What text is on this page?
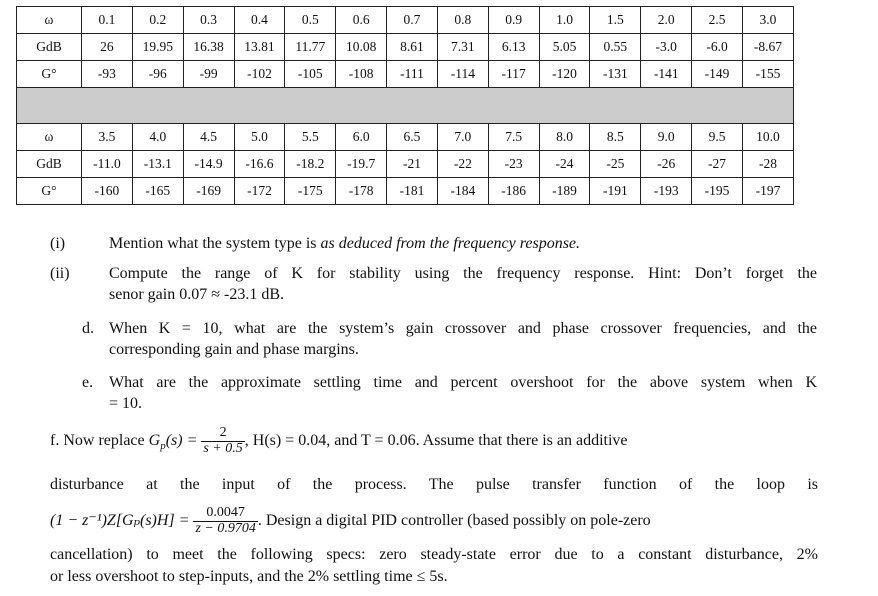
ω	0.1	0.2	0.3	0.4	0.5	0.6	0.7	0.8	0.9	1.0	1.5	2.0	2.5	3.0
GdB	26	19.95	16.38	13.81	11.77	10.08	8.61	7.31	6.13	5.05	0.55	-3.0	-6.0	-8.67
G°	-93	-96	-99	-102	-105	-108	-111	-114	-117	-120	-131	-141	-149	-155
ω	3.5	4.0	4.5	5.0	5.5	6.0	6.5	7.0	7.5	8.0	8.5	9.0	9.5	10.0
GdB	-11.0	-13.1	-14.9	-16.6	-18.2	-19.7	-21	-22	-23	-24	-25	-26	-27	-28
G°	-160	-165	-169	-172	-175	-178	-181	-184	-186	-189	-191	-193	-195	-197
(i)	Mention what the system type is as deduced from the frequency response.
(ii) Compute the range of K for stability using the frequency response. Hint: Don’t forget the
senor gain 0.07 ≈ -23.1 dB.
d. When K = 10, what are the system’s gain crossover and phase crossover frequencies, and the
corresponding gain and phase margins.
e. What are the approximate settling time and percent overshoot for the above system when K
= 10.
f. Now replace $G_p(s) = \frac{2}{s + 0.5}$ , H(s) = 0.04, and T = 0.06. Assume that there is an additive
disturbance at the input of the process. The pulse transfer function of the loop is
$(1 - z^{-1})Z[G_p(s)H] = \frac{0.0047}{z - 0.9704}$ . Design a digital PID controller (based possibly on pole-zero
cancellation) to meet the following specs: zero steady-state error due to a constant disturbance, 2%
or less overshoot to step-inputs, and the 2% settling time ≤ 5s.
